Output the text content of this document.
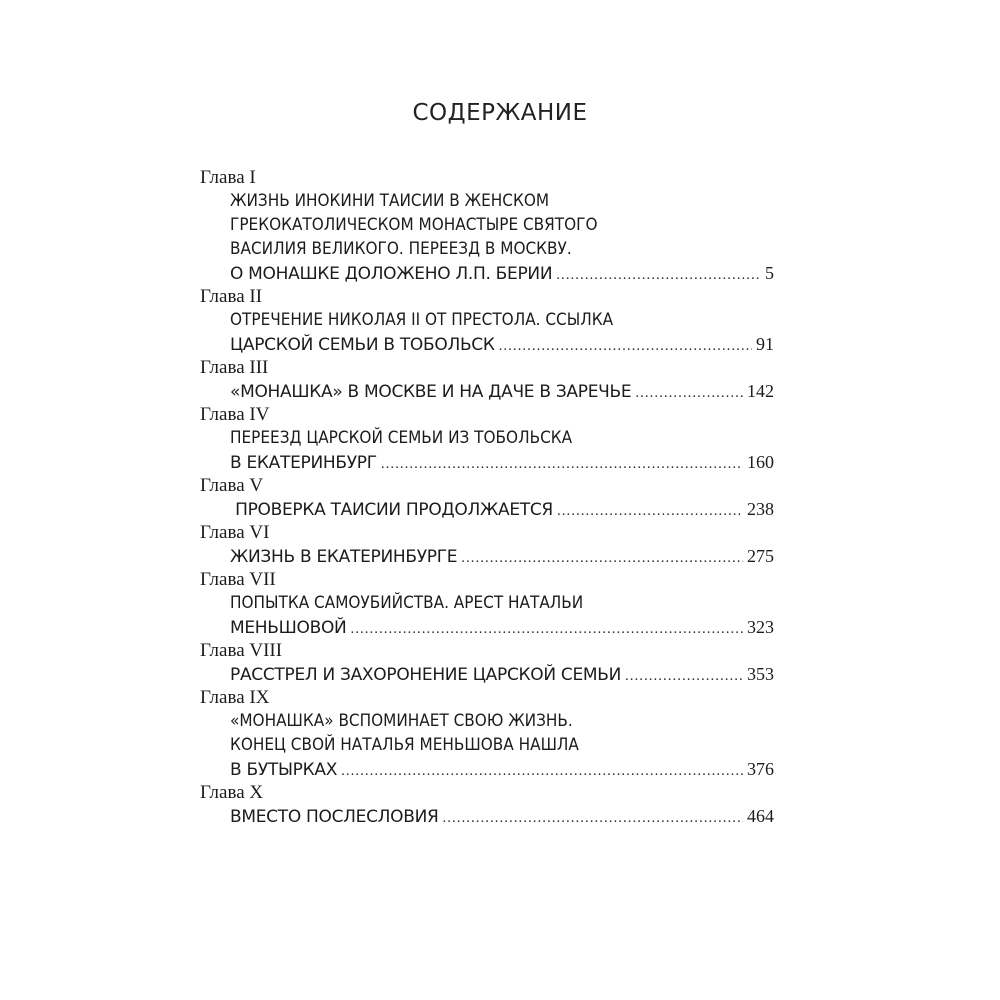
СОДЕРЖАНИЕ
Глава I
ЖИЗНЬ ИНОКИНИ ТАИСИИ В ЖЕНСКОМ
ГРЕКОКАТОЛИЧЕСКОМ МОНАСТЫРЕ СВЯТОГО
ВАСИЛИЯ ВЕЛИКОГО. ПЕРЕЕЗД В МОСКВУ.
О МОНАШКЕ ДОЛОЖЕНО Л.П. БЕРИИ .....	5
Глава II
ОТРЕЧЕНИЕ НИКОЛАЯ II ОТ ПРЕСТОЛА. ССЫЛКА
ЦАРСКОЙ СЕМЬИ В ТОБОЛЬСК .....	91
Глава III
«МОНАШКА» В МОСКВЕ И НА ДАЧЕ В ЗАРЕЧЬЕ .....	142
Глава IV
ПЕРЕЕЗД ЦАРСКОЙ СЕМЬИ ИЗ ТОБОЛЬСКА
В ЕКАТЕРИНБУРГ .....	160
Глава V
ПРОВЕРКА ТАИСИИ ПРОДОЛЖАЕТСЯ .....	238
Глава VI
ЖИЗНЬ В ЕКАТЕРИНБУРГЕ .....	275
Глава VII
ПОПЫТКА САМОУБИЙСТВА. АРЕСТ НАТАЛЬИ
МЕНЬШОВОЙ .....	323
Глава VIII
РАССТРЕЛ И ЗАХОРОНЕНИЕ ЦАРСКОЙ СЕМЬИ .....	353
Глава IX
«МОНАШКА» ВСПОМИНАЕТ СВОЮ ЖИЗНЬ.
КОНЕЦ СВОЙ НАТАЛЬЯ МЕНЬШОВА НАШЛА
В БУТЫРКАХ .....	376
Глава X
ВМЕСТО ПОСЛЕСЛОВИЯ .....	464
